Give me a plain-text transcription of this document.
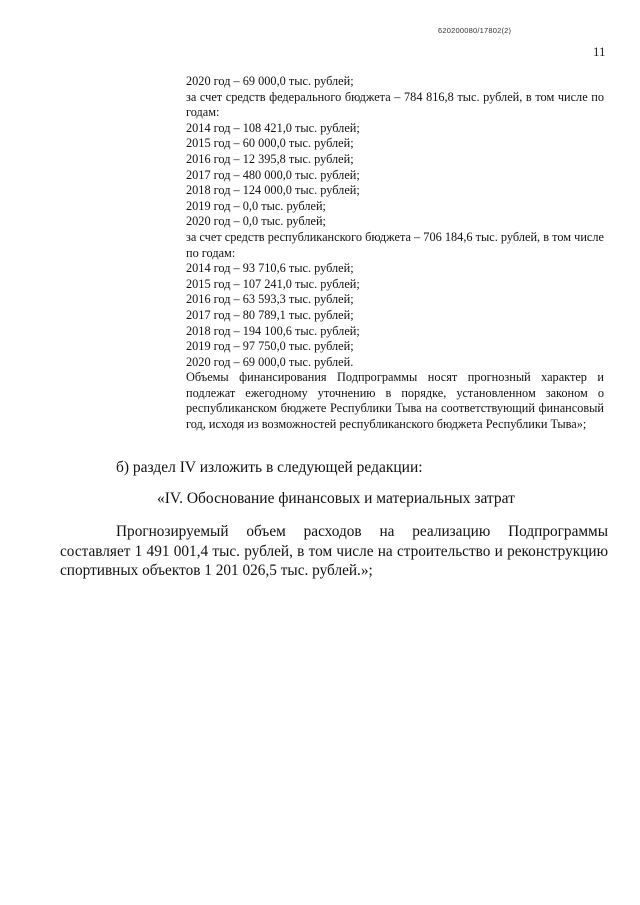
620200080/17802(2)
11
2020 год – 69 000,0 тыс. рублей;
за счет средств федерального бюджета – 784 816,8 тыс. рублей, в том числе по годам:
2014 год – 108 421,0 тыс. рублей;
2015 год – 60 000,0 тыс. рублей;
2016 год – 12 395,8 тыс. рублей;
2017 год – 480 000,0 тыс. рублей;
2018 год – 124 000,0 тыс. рублей;
2019 год – 0,0 тыс. рублей;
2020 год – 0,0 тыс. рублей;
за счет средств республиканского бюджета – 706 184,6 тыс. рублей, в том числе по годам:
2014 год – 93 710,6 тыс. рублей;
2015 год – 107 241,0 тыс. рублей;
2016 год – 63 593,3 тыс. рублей;
2017 год – 80 789,1 тыс. рублей;
2018 год – 194 100,6 тыс. рублей;
2019 год – 97 750,0 тыс. рублей;
2020 год – 69 000,0 тыс. рублей.
Объемы финансирования Подпрограммы носят прогнозный характер и подлежат ежегодному уточнению в порядке, установленном законом о республиканском бюджете Республики Тыва на соответствующий финансовый год, исходя из возможностей республиканского бюджета Республики Тыва»;
б) раздел IV изложить в следующей редакции:
«IV. Обоснование финансовых и материальных затрат
Прогнозируемый объем расходов на реализацию Подпрограммы составляет 1 491 001,4 тыс. рублей, в том числе на строительство и реконструкцию спортивных объектов 1 201 026,5 тыс. рублей.»;
